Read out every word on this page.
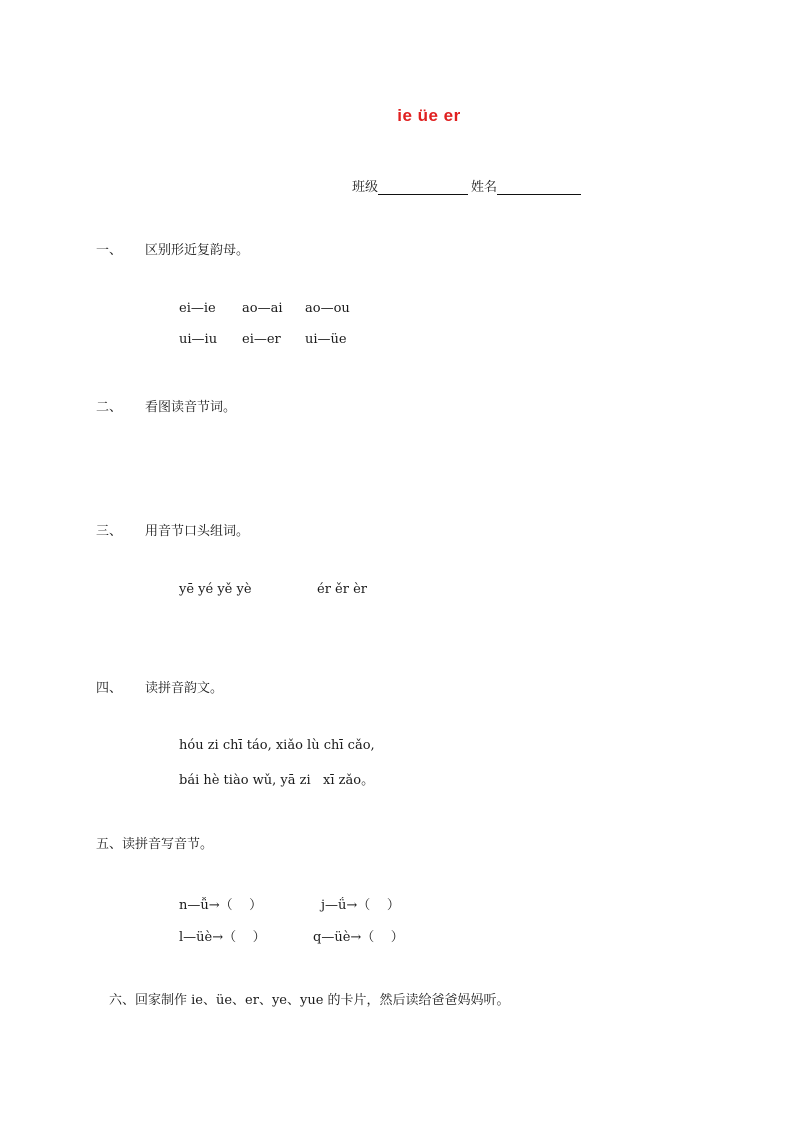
ie üe er
班级	姓名
一、 区别形近复韵母。
ei—ie ao—ai ao—ou
ui—iu ei—er ui—üe
二、 看图读音节词。
三、 用音节口头组词。
yē yé yě yè	ér ěr èr
四、 读拼音韵文。
hóu zi chī táo, xiǎo lù chī cǎo,
bái hè tiào wǔ, yā zi   xī zǎo。
五、读拼音写音节。
n—ǚ→（    ）	j—ǘ→（    ）
l—üè→（    ）	q—üè→（    ）
六、回家制作 ie、üe、er、ye、yue 的卡片，然后读给爸爸妈妈听。
